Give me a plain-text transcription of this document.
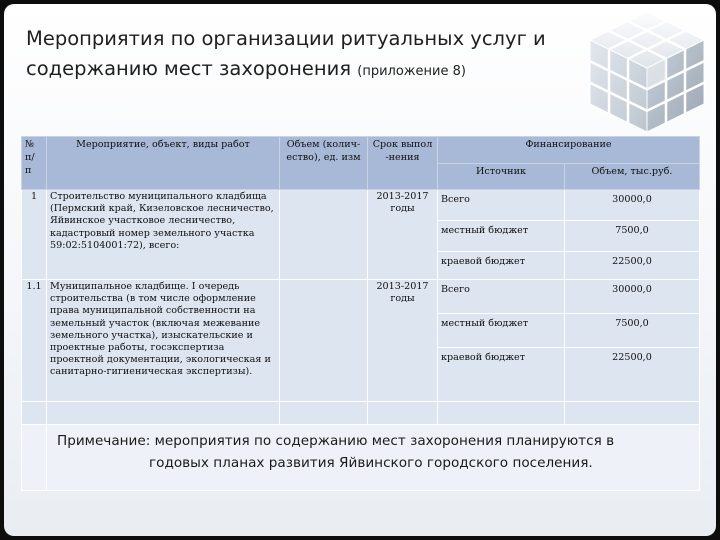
Мероприятия по организации ритуальных услуг и
содержанию мест захоронения (приложение 8)
№ п/ п	Мероприятие, объект, виды работ	Объем (колич-ество), ед. изм	Срок выпол -нения	Финансирование	
				Источник	Объем, тыс.руб.
1	Строительство муниципального кладбища (Пермский край, Кизеловское лесничество, Яйвинское участковое лесничество, кадастровый номер земельного участка 59:02:5104001:72), всего:		2013-2017 годы	Всего	30000,0
				местный бюджет	7500,0
				краевой бюджет	22500,0
1.1	Муниципальное кладбище. I очередь строительства (в том числе оформление права муниципальной собственности на земельный участок (включая межевание земельного участка), изыскательские и проектные работы, госэкспертиза проектной документации, экологическая и санитарно-гигиеническая экспертизы).		2013-2017 годы	Всего	30000,0
				местный бюджет	7500,0
				краевой бюджет	22500,0

	Примечание: мероприятия по содержанию мест захоронения планируются в
годовых планах развития Яйвинского городского поселения.				
